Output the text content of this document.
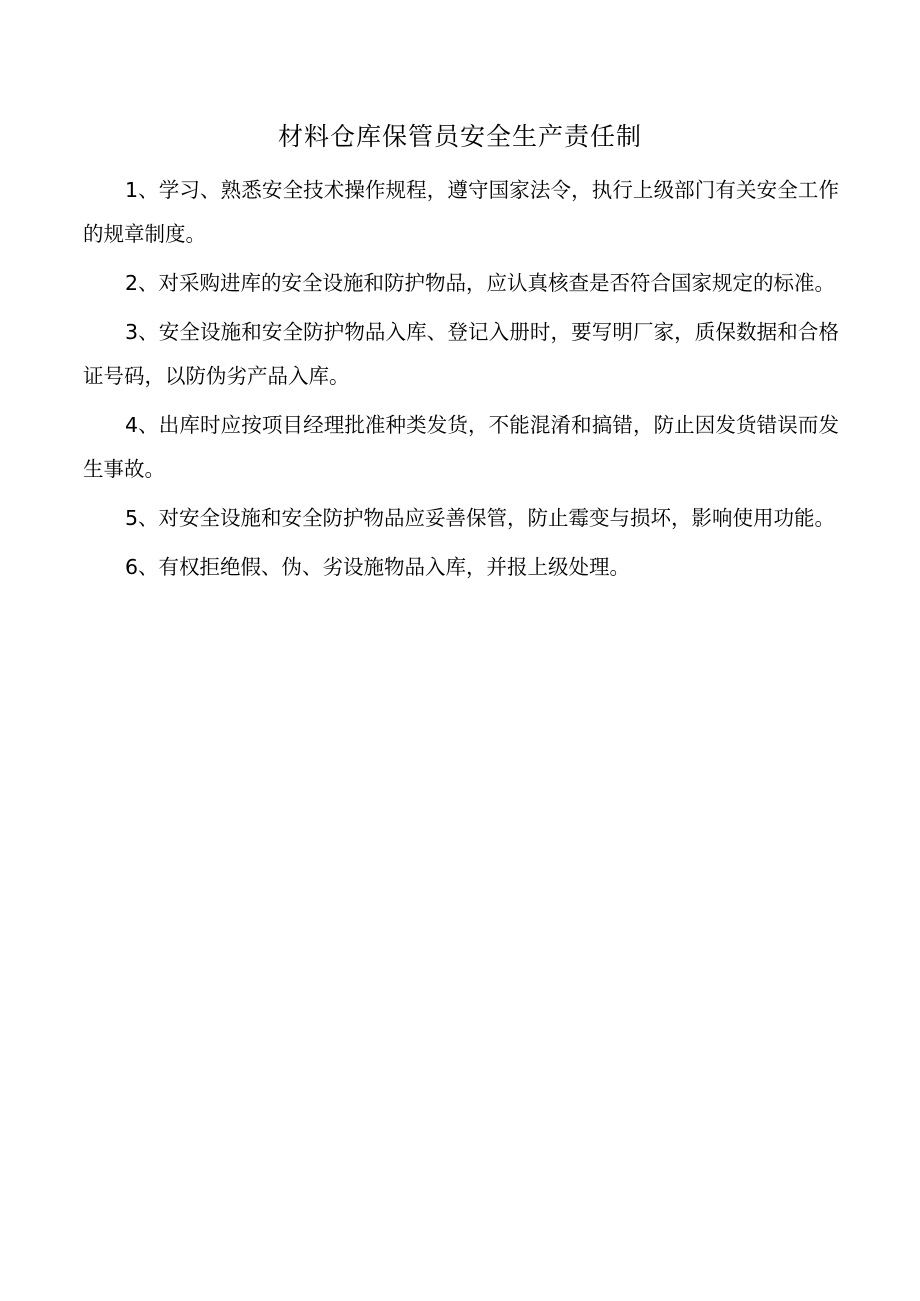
材料仓库保管员安全生产责任制
1、学习、熟悉安全技术操作规程，遵守国家法令，执行上级部门有关安全工作的规章制度。
2、对采购进库的安全设施和防护物品，应认真核查是否符合国家规定的标准。
3、安全设施和安全防护物品入库、登记入册时，要写明厂家，质保数据和合格证号码，以防伪劣产品入库。
4、出库时应按项目经理批准种类发货，不能混淆和搞错，防止因发货错误而发生事故。
5、对安全设施和安全防护物品应妥善保管，防止霉变与损坏，影响使用功能。
6、有权拒绝假、伪、劣设施物品入库，并报上级处理。
